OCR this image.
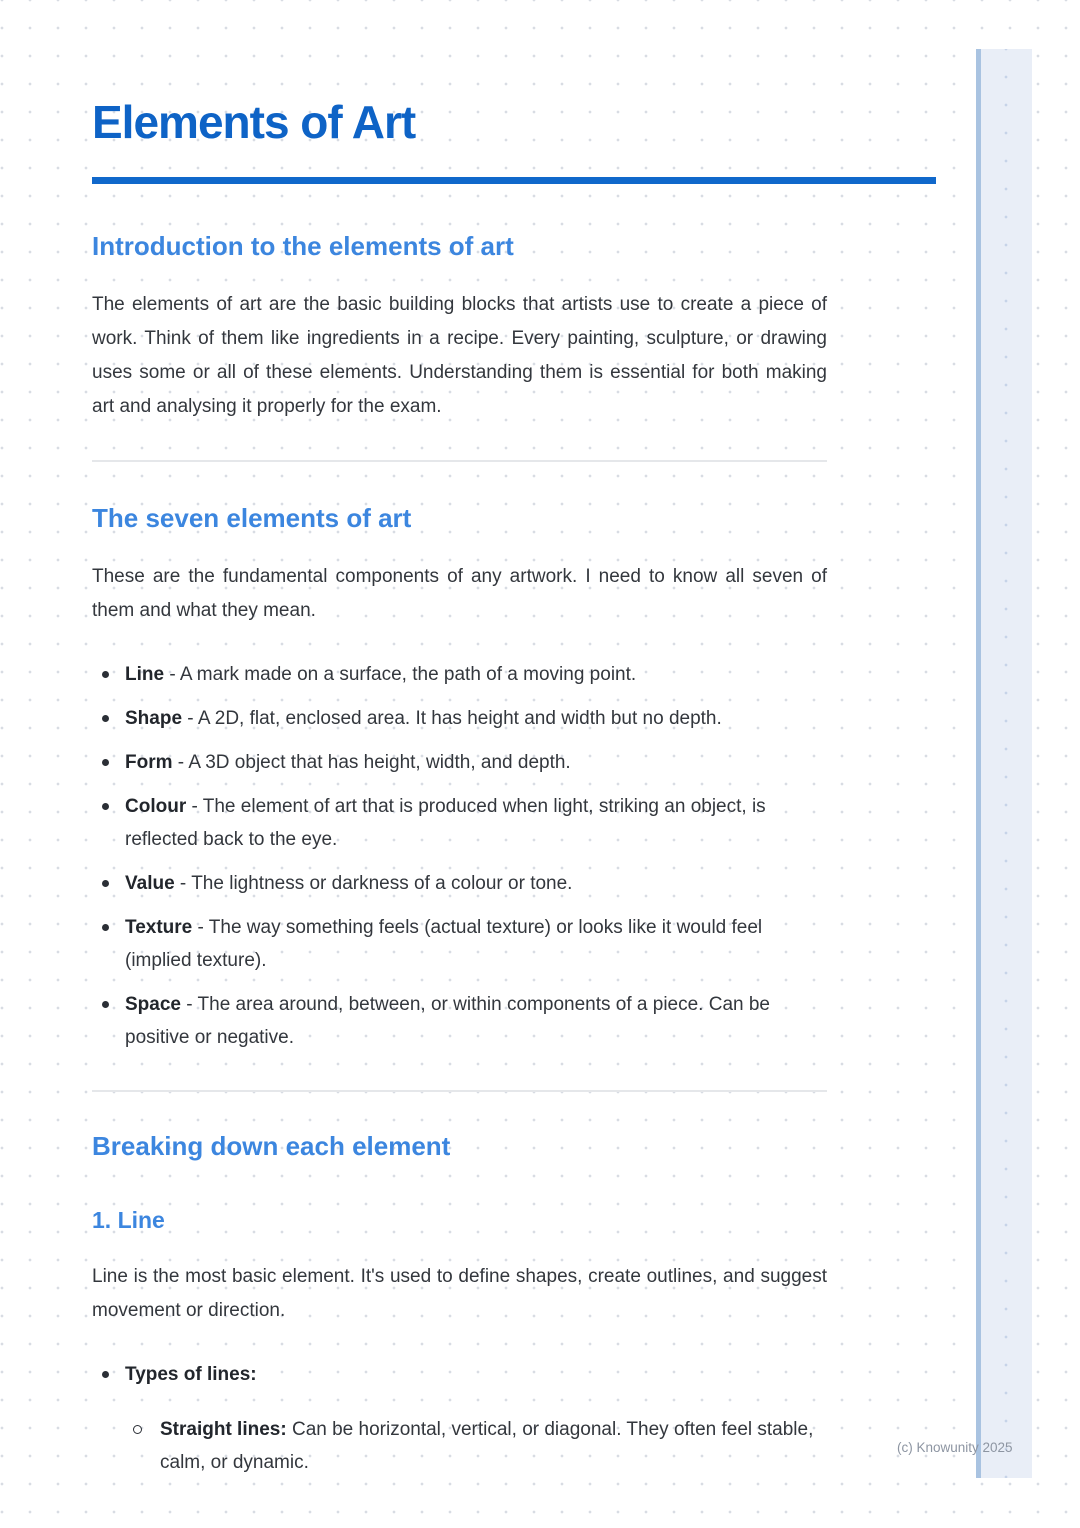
Elements of Art
Introduction to the elements of art

The elements of art are the basic building blocks that artists use to create a piece of work. Think of them like ingredients in a recipe. Every painting, sculpture, or drawing uses some or all of these elements. Understanding them is essential for both making art and analysing it properly for the exam.

The seven elements of art

These are the fundamental components of any artwork. I need to know all seven of them and what they mean.

Line - A mark made on a surface, the path of a moving point.
Shape - A 2D, flat, enclosed area. It has height and width but no depth.
Form - A 3D object that has height, width, and depth.
Colour - The element of art that is produced when light, striking an object, is reflected back to the eye.
Value - The lightness or darkness of a colour or tone.
Texture - The way something feels (actual texture) or looks like it would feel (implied texture).
Space - The area around, between, or within components of a piece. Can be positive or negative.
Breaking down each element
1. Line

Line is the most basic element. It's used to define shapes, create outlines, and suggest movement or direction.

Types of lines:
Straight lines: Can be horizontal, vertical, or diagonal. They often feel stable, calm, or dynamic.
(c) Knowunity 2025
